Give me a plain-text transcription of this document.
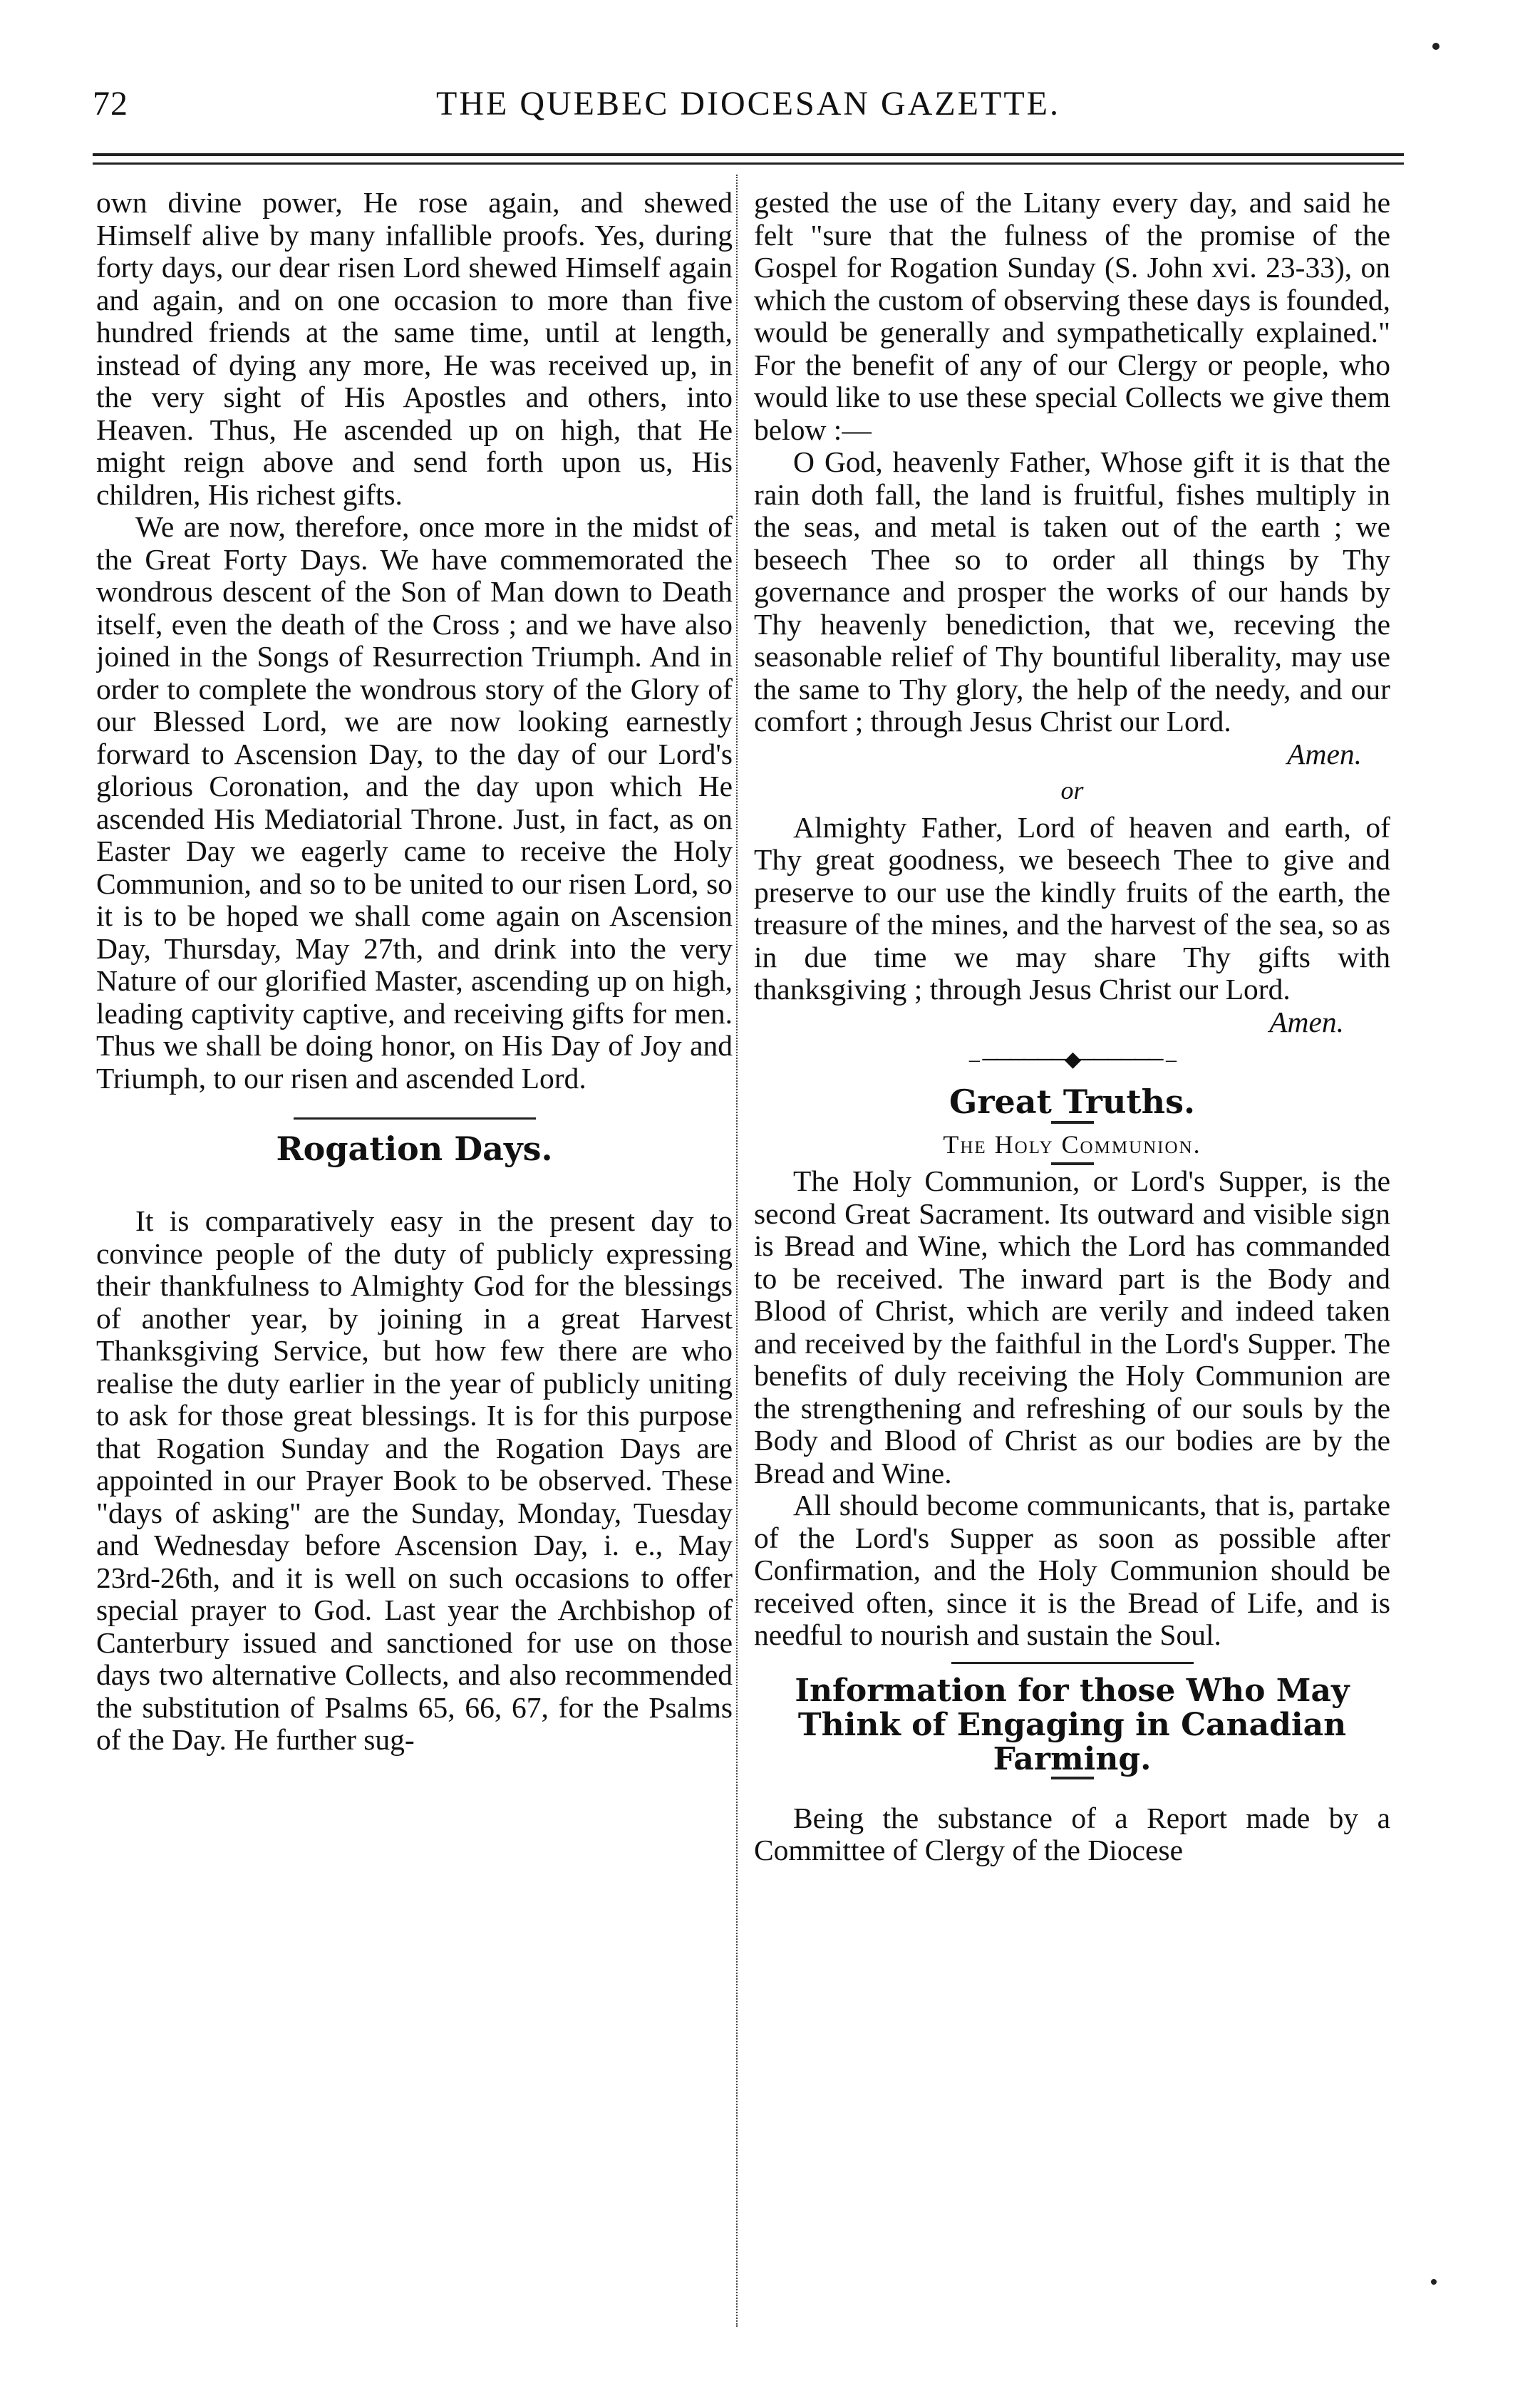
72	THE QUEBEC DIOCESAN GAZETTE.

own divine power, He rose again, and shewed Himself alive by many infallible proofs. Yes, during forty days, our dear risen Lord shewed Himself again and again, and on one occasion to more than five hundred friends at the same time, until at length, instead of dying any more, He was received up, in the very sight of His Apostles and others, into Heaven. Thus, He ascended up on high, that He might reign above and send forth upon us, His children, His richest gifts.

We are now, therefore, once more in the midst of the Great Forty Days. We have commemorated the wondrous descent of the Son of Man down to Death itself, even the death of the Cross ; and we have also joined in the Songs of Resurrection Triumph. And in order to complete the wondrous story of the Glory of our Blessed Lord, we are now looking earnestly forward to Ascension Day, to the day of our Lord's glorious Coronation, and the day upon which He ascended His Mediatorial Throne. Just, in fact, as on Easter Day we eagerly came to receive the Holy Communion, and so to be united to our risen Lord, so it is to be hoped we shall come again on Ascension Day, Thursday, May 27th, and drink into the very Nature of our glorified Master, ascending up on high, leading captivity captive, and receiving gifts for men. Thus we shall be doing honor, on His Day of Joy and Triumph, to our risen and ascended Lord.

Rogation Days.

It is comparatively easy in the present day to convince people of the duty of publicly expressing their thankfulness to Almighty God for the blessings of another year, by joining in a great Harvest Thanksgiving Service, but how few there are who realise the duty earlier in the year of publicly uniting to ask for those great blessings. It is for this purpose that Rogation Sunday and the Rogation Days are appointed in our Prayer Book to be observed. These "days of asking" are the Sunday, Monday, Tuesday and Wednesday before Ascension Day, i. e., May 23rd-26th, and it is well on such occasions to offer special prayer to God. Last year the Archbishop of Canterbury issued and sanctioned for use on those days two alternative Collects, and also recommended the substitution of Psalms 65, 66, 67, for the Psalms of the Day. He further sug-

gested the use of the Litany every day, and said he felt "sure that the fulness of the promise of the Gospel for Rogation Sunday (S. John xvi. 23-33), on which the custom of observing these days is founded, would be generally and sympathetically explained." For the benefit of any of our Clergy or people, who would like to use these special Collects we give them below :—

O God, heavenly Father, Whose gift it is that the rain doth fall, the land is fruitful, fishes multiply in the seas, and metal is taken out of the earth ; we beseech Thee so to order all things by Thy governance and prosper the works of our hands by Thy heavenly benediction, that we, receving the seasonable relief of Thy bountiful liberality, may use the same to Thy glory, the help of the needy, and our comfort ; through Jesus Christ our Lord.

Amen.

or

Almighty Father, Lord of heaven and earth, of Thy great goodness, we beseech Thee to give and preserve to our use the kindly fruits of the earth, the treasure of the mines, and the harvest of the sea, so as in due time we may share Thy gifts with thanksgiving ; through Jesus Christ our Lord.

Amen.

‒ ──────◆────── ‒
Great Truths.
The Holy Communion.

The Holy Communion, or Lord's Supper, is the second Great Sacrament. Its outward and visible sign is Bread and Wine, which the Lord has commanded to be received. The inward part is the Body and Blood of Christ, which are verily and indeed taken and received by the faithful in the Lord's Supper. The benefits of duly receiving the Holy Communion are the strengthening and refreshing of our souls by the Body and Blood of Christ as our bodies are by the Bread and Wine.

All should become communicants, that is, partake of the Lord's Supper as soon as possible after Confirmation, and the Holy Communion should be received often, since it is the Bread of Life, and is needful to nourish and sustain the Soul.

Information for those Who May Think of Engaging in Canadian Farming.

Being the substance of a Report made by a Committee of Clergy of the Diocese
